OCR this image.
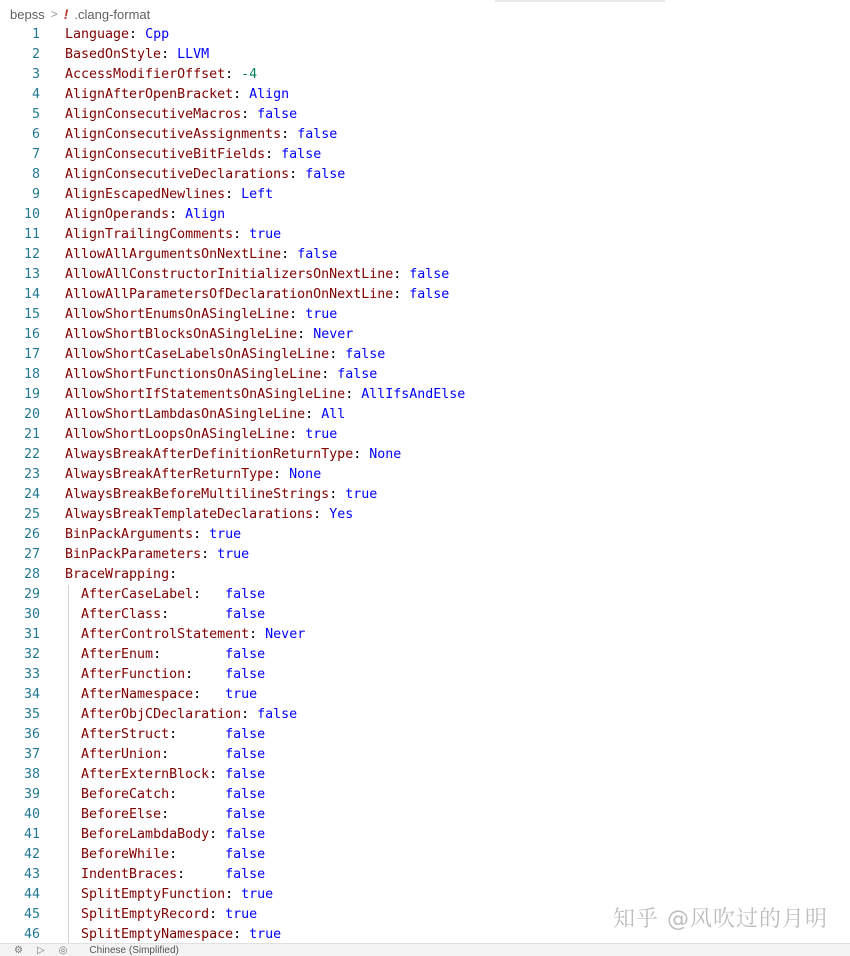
bepss > ! .clang-format
1 Language: Cpp
2 BasedOnStyle: LLVM
3 AccessModifierOffset: -4
4 AlignAfterOpenBracket: Align
5 AlignConsecutiveMacros: false
6 AlignConsecutiveAssignments: false
7 AlignConsecutiveBitFields: false
8 AlignConsecutiveDeclarations: false
9 AlignEscapedNewlines: Left
10 AlignOperands: Align
11 AlignTrailingComments: true
12 AllowAllArgumentsOnNextLine: false
13 AllowAllConstructorInitializersOnNextLine: false
14 AllowAllParametersOfDeclarationOnNextLine: false
15 AllowShortEnumsOnASingleLine: true
16 AllowShortBlocksOnASingleLine: Never
17 AllowShortCaseLabelsOnASingleLine: false
18 AllowShortFunctionsOnASingleLine: false
19 AllowShortIfStatementsOnASingleLine: AllIfsAndElse
20 AllowShortLambdasOnASingleLine: All
21 AllowShortLoopsOnASingleLine: true
22 AlwaysBreakAfterDefinitionReturnType: None
23 AlwaysBreakAfterReturnType: None
24 AlwaysBreakBeforeMultilineStrings: true
25 AlwaysBreakTemplateDeclarations: Yes
26 BinPackArguments: true
27 BinPackParameters: true
28 BraceWrapping:
29	AfterCaseLabel: false
30	AfterClass:	false
31	AfterControlStatement: Never
32	AfterEnum:	false
33	AfterFunction: false
34	AfterNamespace: true
35	AfterObjCDeclaration: false
36	AfterStruct:	false
37	AfterUnion:	false
38	AfterExternBlock: false
39	BeforeCatch:	false
40	BeforeElse:	false
41	BeforeLambdaBody: false
42	BeforeWhile:	false
43	IndentBraces:	false
44	SplitEmptyFunction: true
45	SplitEmptyRecord: true
46	SplitEmptyNamespace: true
知乎 @风吹过的月明
⚙ ▷ ◎ Chinese (Simplified)
